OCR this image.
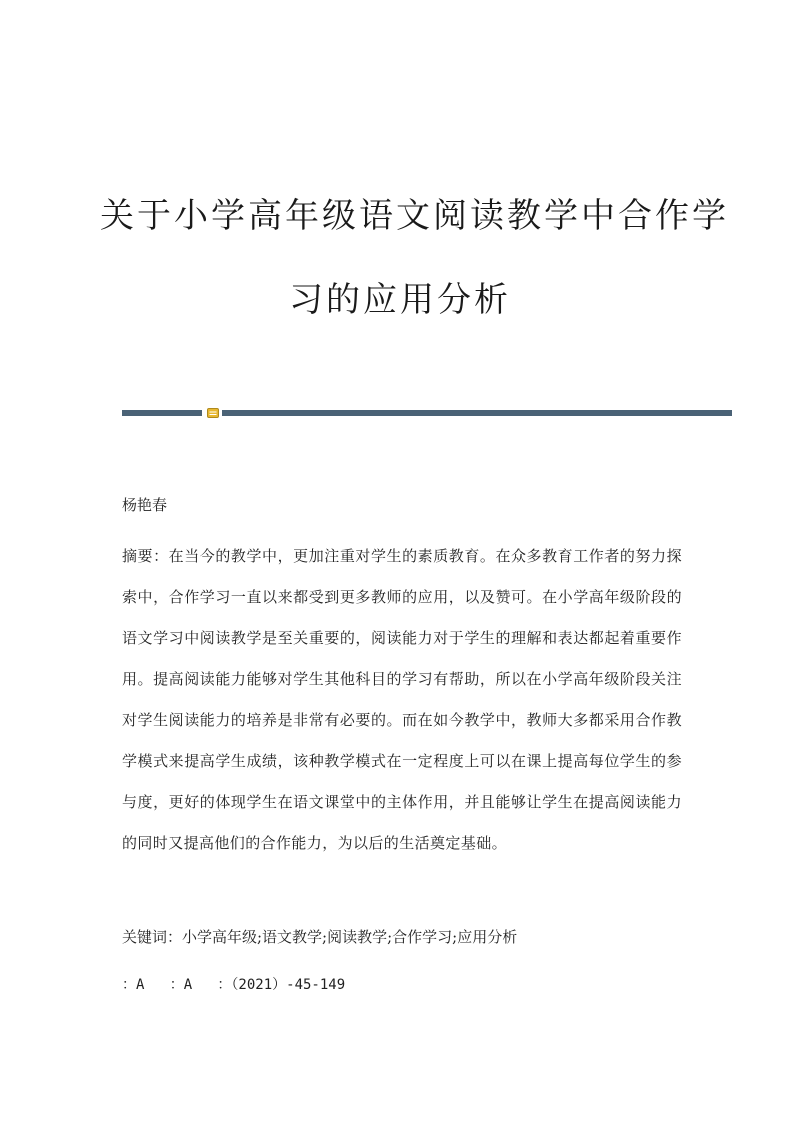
关于小学高年级语文阅读教学中合作学
习的应用分析
杨艳春
摘要：在当今的教学中，更加注重对学生的素质教育。在众多教育工作者的努力探索中，合作学习一直以来都受到更多教师的应用，以及赞可。在小学高年级阶段的语文学习中阅读教学是至关重要的，阅读能力对于学生的理解和表达都起着重要作用。提高阅读能力能够对学生其他科目的学习有帮助，所以在小学高年级阶段关注对学生阅读能力的培养是非常有必要的。而在如今教学中，教师大多都采用合作教学模式来提高学生成绩，该种教学模式在一定程度上可以在课上提高每位学生的参与度，更好的体现学生在语文课堂中的主体作用，并且能够让学生在提高阅读能力的同时又提高他们的合作能力，为以后的生活奠定基础。
关键词：小学高年级;语文教学;阅读教学;合作学习;应用分析
：A   ：A   ：（2021）-45-149
